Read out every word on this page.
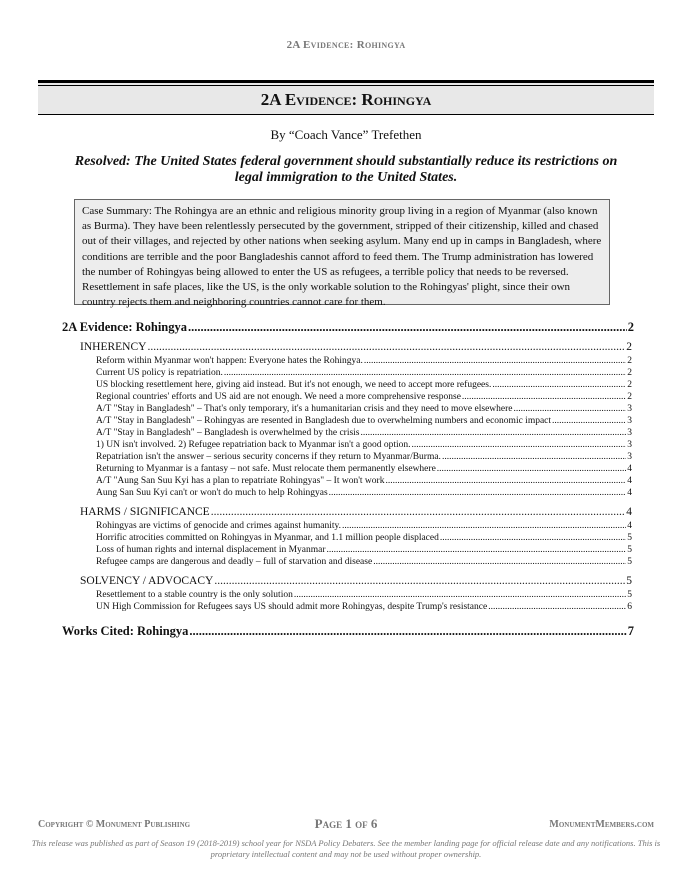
2A Evidence: Rohingya
2A Evidence: Rohingya
By “Coach Vance” Trefethen
Resolved: The United States federal government should substantially reduce its restrictions on legal immigration to the United States.
Case Summary: The Rohingya are an ethnic and religious minority group living in a region of Myanmar (also known as Burma). They have been relentlessly persecuted by the government, stripped of their citizenship, killed and chased out of their villages, and rejected by other nations when seeking asylum. Many end up in camps in Bangladesh, where conditions are terrible and the poor Bangladeshis cannot afford to feed them. The Trump administration has lowered the number of Rohingyas being allowed to enter the US as refugees, a terrible policy that needs to be reversed. Resettlement in safe places, like the US, is the only workable solution to the Rohingyas' plight, since their own country rejects them and neighboring countries cannot care for them.
2A Evidence: Rohingya .....	2
INHERENCY .....	2
Reform within Myanmar won't happen: Everyone hates the Rohingya. .....	2
Current US policy is repatriation. .....	2
US blocking resettlement here, giving aid instead. But it's not enough, we need to accept more refugees. .....	2
Regional countries' efforts and US aid are not enough. We need a more comprehensive response .....	2
A/T "Stay in Bangladesh" – That's only temporary, it's a humanitarian crisis and they need to move elsewhere .....	3
A/T "Stay in Bangladesh" – Rohingyas are resented in Bangladesh due to overwhelming numbers and economic impact .....	3
A/T "Stay in Bangladesh" – Bangladesh is overwhelmed by the crisis .....	3
1) UN isn't involved. 2) Refugee repatriation back to Myanmar isn't a good option. .....	3
Repatriation isn't the answer – serious security concerns if they return to Myanmar/Burma. .....	3
Returning to Myanmar is a fantasy – not safe. Must relocate them permanently elsewhere .....	4
A/T "Aung San Suu Kyi has a plan to repatriate Rohingyas" – It won't work .....	4
Aung San Suu Kyi can't or won't do much to help Rohingyas .....	4
HARMS / SIGNIFICANCE .....	4
Rohingyas are victims of genocide and crimes against humanity. .....	4
Horrific atrocities committed on Rohingyas in Myanmar, and 1.1 million people displaced .....	5
Loss of human rights and internal displacement in Myanmar .....	5
Refugee camps are dangerous and deadly – full of starvation and disease .....	5
SOLVENCY / ADVOCACY .....	5
Resettlement to a stable country is the only solution .....	5
UN High Commission for Refugees says US should admit more Rohingyas, despite Trump's resistance .....	6
Works Cited: Rohingya .....	7
Copyright © Monument Publishing	Page 1 of 6	MonumentMembers.com
This release was published as part of Season 19 (2018-2019) school year for NSDA Policy Debaters. See the member landing page for official release date and any notifications. This is proprietary intellectual content and may not be used without proper ownership.
